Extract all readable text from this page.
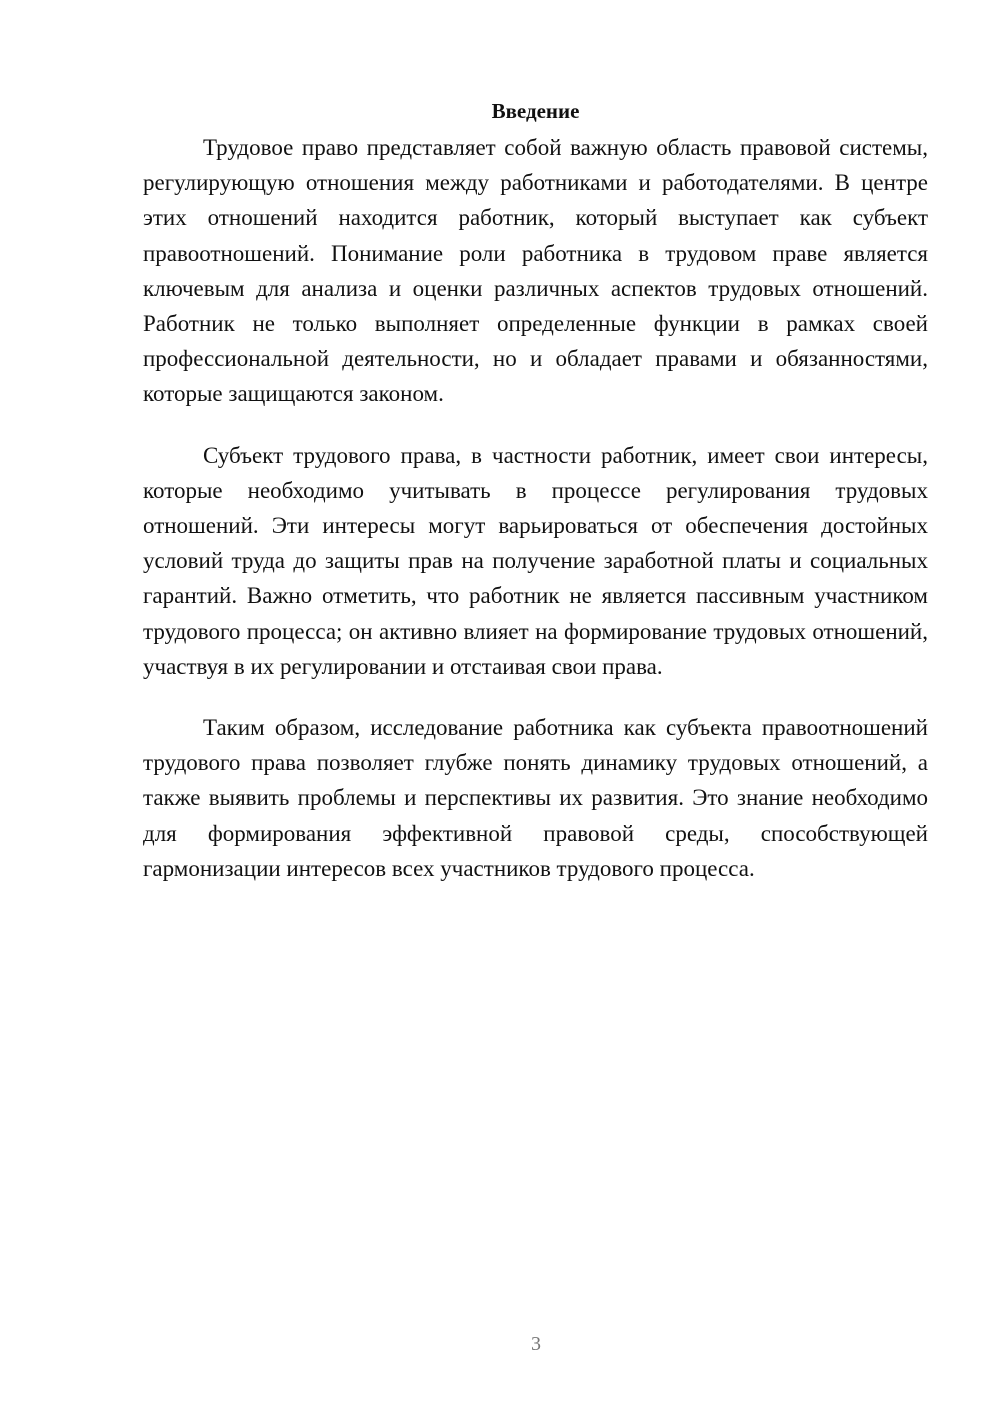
Введение

Трудовое право представляет собой важную область правовой системы, регулирующую отношения между работниками и работодателями. В центре этих отношений находится работник, который выступает как субъект правоотношений. Понимание роли работника в трудовом праве является ключевым для анализа и оценки различных аспектов трудовых отношений. Работник не только выполняет определенные функции в рамках своей профессиональной деятельности, но и обладает правами и обязанностями, которые защищаются законом.

Субъект трудового права, в частности работник, имеет свои интересы, которые необходимо учитывать в процессе регулирования трудовых отношений. Эти интересы могут варьироваться от обеспечения достойных условий труда до защиты прав на получение заработной платы и социальных гарантий. Важно отметить, что работник не является пассивным участником трудового процесса; он активно влияет на формирование трудовых отношений, участвуя в их регулировании и отстаивая свои права.

Таким образом, исследование работника как субъекта правоотношений трудового права позволяет глубже понять динамику трудовых отношений, а также выявить проблемы и перспективы их развития. Это знание необходимо для формирования эффективной правовой среды, способствующей гармонизации интересов всех участников трудового процесса.

3
